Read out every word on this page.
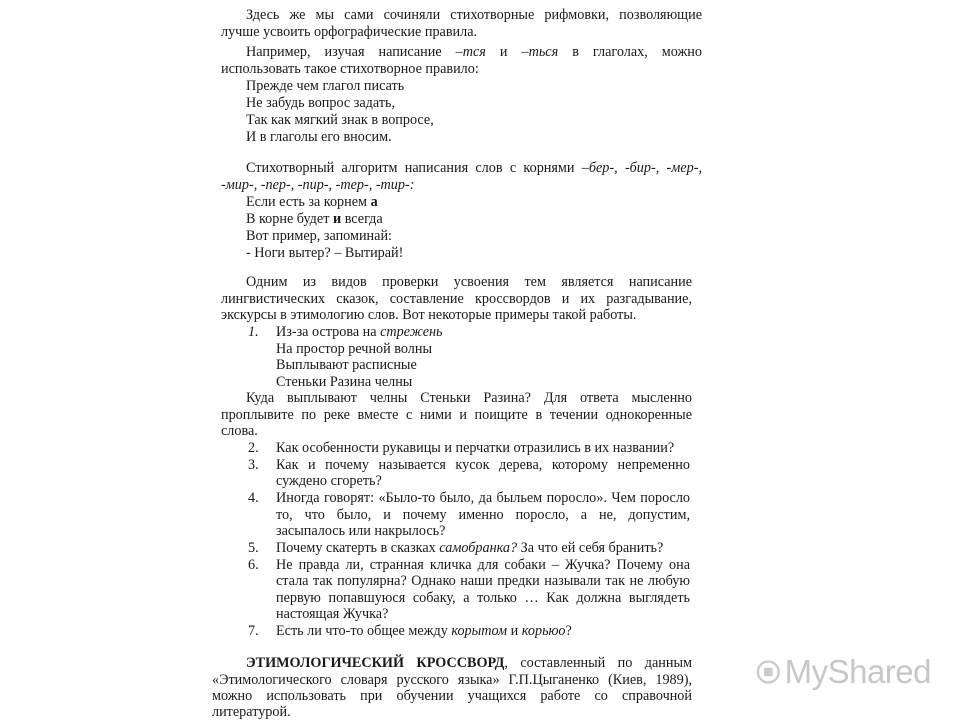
Здесь же мы сами сочиняли стихотворные рифмовки, позволяющие
лучше усвоить орфографические правила.
Например, изучая написание –тся и –ться в глаголах, можно
использовать такое стихотворное правило:
Прежде чем глагол писать
Не забудь вопрос задать,
Так как мягкий знак в вопросе,
И в глаголы его вносим.
Стихотворный алгоритм написания слов с корнями –бер-, -бир-, -мер-,
-мир-, -пер-, -пир-, -тер-, -тир-:
Если есть за корнем а
В корне будет и всегда
Вот пример, запоминай:
- Ноги вытер? – Вытирай!
Одним из видов проверки усвоения тем является написание
лингвистических сказок, составление кроссвордов и их разгадывание,
экскурсы в этимологию слов. Вот некоторые примеры такой работы.
1. Из-за острова на стрежень
На простор речной волны
Выплывают расписные
Стеньки Разина челны
Куда выплывают челны Стеньки Разина? Для ответа мысленно
проплывите по реке вместе с ними и поищите в течении однокоренные
слова.
2. Как особенности рукавицы и перчатки отразились в их названии?
3. Как и почему называется кусок дерева, которому непременно
суждено сгореть?
4. Иногда говорят: «Было-то было, да быльем поросло». Чем поросло
то, что было, и почему именно поросло, а не, допустим,
засыпалось или накрылось?
5. Почему скатерть в сказках самобранка? За что ей себя бранить?
6. Не правда ли, странная кличка для собаки – Жучка? Почему она
стала так популярна? Однако наши предки называли так не любую
первую попавшуюся собаку, а только … Как должна выглядеть
настоящая Жучка?
7. Есть ли что-то общее между корытом и корьюо?
ЭТИМОЛОГИЧЕСКИЙ КРОССВОРД, составленный по данным
«Этимологического словаря русского языка» Г.П.Цыганенко (Киев, 1989),
можно использовать при обучении учащихся работе со справочной
литературой.
MyShared
